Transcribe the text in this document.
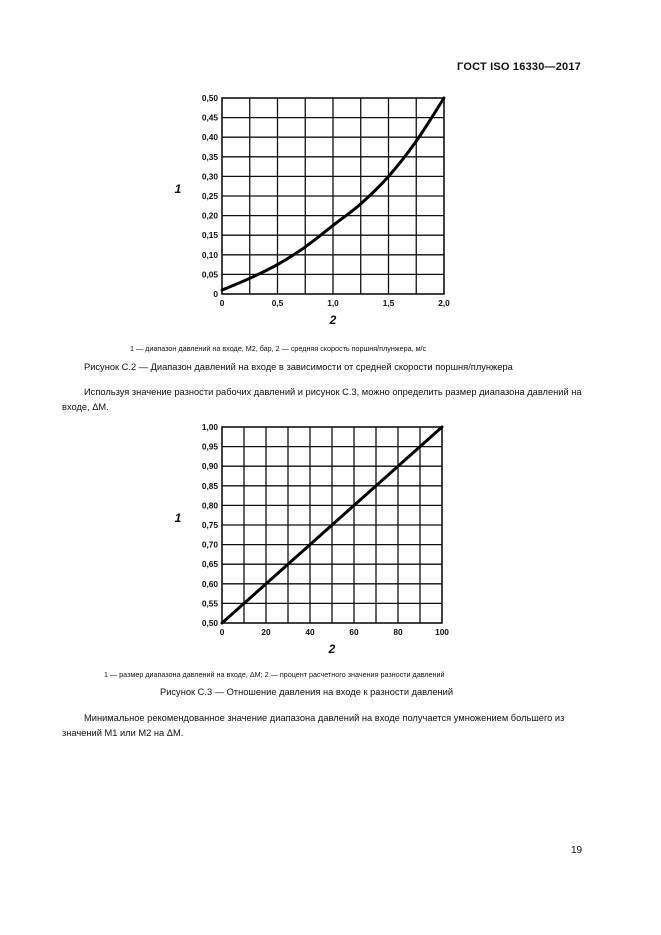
ГОСТ ISO 16330—2017
0
0,05
0,10
0,15
0,20
0,25
0,30
0,35
0,40
0,45
0,50
0	0,5	1,0	1,5	2,0
1
2
1 — диапазон давлений на входе, M2, бар, 2 — средняя скорость поршня/плунжера, м/с
Рисунок С.2 — Диапазон давлений на входе в зависимости от средней скорости поршня/плунжера
Используя значение разности рабочих давлений и рисунок С.3, можно определить размер диапазона давлений на входе, ΔM.
0,50
0,55
0,60
0,65
0,70
0,75
0,80
0,85
0,90
0,95
1,00
0	20	40	60	80	100
1
2
1 — размер диапазона давлений на входе, ΔM; 2 — процент расчетного значения разности давлений
Рисунок С.3 — Отношение давления на входе к разности давлений
Минимальное рекомендованное значение диапазона давлений на входе получается умножением большего из значений M1 или M2 на ΔM.
19
